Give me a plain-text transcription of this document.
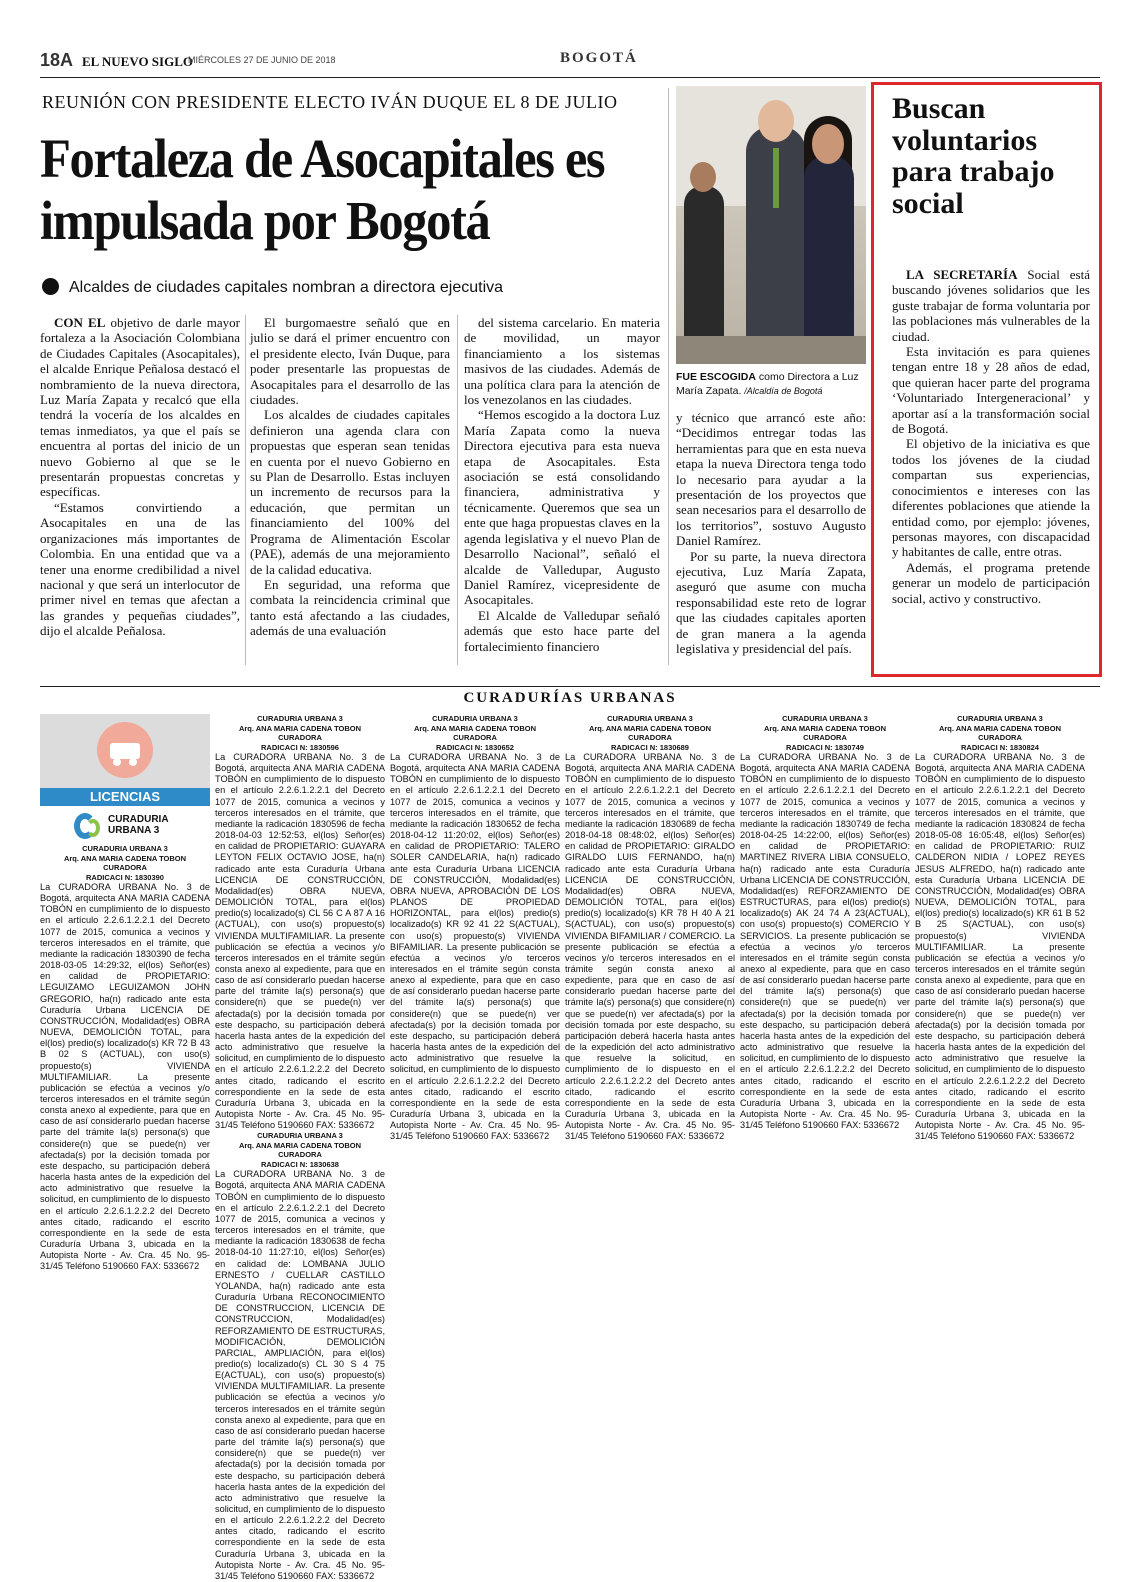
18A EL NUEVO SIGLO
MIÉRCOLES 27 DE JUNIO DE 2018	BOGOTÁ
REUNIÓN CON PRESIDENTE ELECTO IVÁN DUQUE EL 8 DE JULIO
Fortaleza de Asocapitales es impulsada por Bogotá
Alcaldes de ciudades capitales nombran a directora ejecutiva

CON EL objetivo de darle mayor fortaleza a la Asociación Colombiana de Ciudades Capitales (Asocapitales), el alcalde Enrique Peñalosa destacó el nombramiento de la nueva directora, Luz María Zapata y recalcó que ella tendrá la vocería de los alcaldes en temas inmediatos, ya que el país se encuentra al portas del inicio de un nuevo Gobierno al que se le presentarán propuestas concretas y específicas.

“Estamos convirtiendo a Asocapitales en una de las organizaciones más importantes de Colombia. En una entidad que va a tener una enorme credibilidad a nivel nacional y que será un interlocutor de primer nivel en temas que afectan a las grandes y pequeñas ciudades”, dijo el alcalde Peñalosa.

El burgomaestre señaló que en julio se dará el primer encuentro con el presidente electo, Iván Duque, para poder presentarle las propuestas de Asocapitales para el desarrollo de las ciudades.

Los alcaldes de ciudades capitales definieron una agenda clara con propuestas que esperan sean tenidas en cuenta por el nuevo Gobierno en su Plan de Desarrollo. Estas incluyen un incremento de recursos para la educación, que permitan un financiamiento del 100% del Programa de Alimentación Escolar (PAE), además de una mejoramiento de la calidad educativa.

En seguridad, una reforma que combata la reincidencia criminal que tanto está afectando a las ciudades, además de una evaluación

del sistema carcelario. En materia de movilidad, un mayor financiamiento a los sistemas masivos de las ciudades. Además de una política clara para la atención de los venezolanos en las ciudades.

“Hemos escogido a la doctora Luz María Zapata como la nueva Directora ejecutiva para esta nueva etapa de Asocapitales. Esta asociación se está consolidando financiera, administrativa y técnicamente. Queremos que sea un ente que haga propuestas claves en la agenda legislativa y el nuevo Plan de Desarrollo Nacional”, señaló el alcalde de Valledupar, Augusto Daniel Ramírez, vicepresidente de Asocapitales.

El Alcalde de Valledupar señaló además que esto hace parte del fortalecimiento financiero

FUE ESCOGIDA como Directora a Luz María Zapata. /Alcaldía de Bogotá

y técnico que arrancó este año: “Decidimos entregar todas las herramientas para que en esta nueva etapa la nueva Directora tenga todo lo necesario para ayudar a la presentación de los proyectos que sean necesarios para el desarrollo de los territorios”, sostuvo Augusto Daniel Ramírez.

Por su parte, la nueva directora ejecutiva, Luz María Zapata, aseguró que asume con mucha responsabilidad este reto de lograr que las ciudades capitales aporten de gran manera a la agenda legislativa y presidencial del país.

Buscan voluntarios para trabajo social

LA SECRETARÍA Social está buscando jóvenes solidarios que les guste trabajar de forma voluntaria por las poblaciones más vulnerables de la ciudad.

Esta invitación es para quienes tengan entre 18 y 28 años de edad, que quieran hacer parte del programa ‘Voluntariado Intergeneracional’ y aportar así a la transformación social de Bogotá.

El objetivo de la iniciativa es que todos los jóvenes de la ciudad compartan sus experiencias, conocimientos e intereses con las diferentes poblaciones que atiende la entidad como, por ejemplo: jóvenes, personas mayores, con discapacidad y habitantes de calle, entre otras.

Además, el programa pretende generar un modelo de participación social, activo y constructivo.

CURADURÍAS URBANAS
LICENCIAS
CURADURIA URBANA 3
CURADURIA URBANA 3
Arq. ANA MARIA CADENA TOBON
CURADORA
RADICACI N: 1830390

La CURADORA URBANA No. 3 de Bogotá, arquitecta ANA MARIA CADENA TOBÓN en cumplimiento de lo dispuesto en el artículo 2.2.6.1.2.2.1 del Decreto 1077 de 2015, comunica a vecinos y terceros interesados en el trámite, que mediante la radicación 1830390 de fecha 2018-03-05 14:29:32, el(los) Señor(es) en calidad de PROPIETARIO: LEGUIZAMO LEGUIZAMON JOHN GREGORIO, ha(n) radicado ante esta Curaduría Urbana LICENCIA DE CONSTRUCCIÓN, Modalidad(es) OBRA NUEVA, DEMOLICIÓN TOTAL, para el(los) predio(s) localizado(s) KR 72 B 43 B 02 S (ACTUAL), con uso(s) propuesto(s) VIVIENDA MULTIFAMILIAR. La presente publicación se efectúa a vecinos y/o terceros interesados en el trámite según consta anexo al expediente, para que en caso de así considerarlo puedan hacerse parte del trámite la(s) persona(s) que considere(n) que se puede(n) ver afectada(s) por la decisión tomada por este despacho, su participación deberá hacerla hasta antes de la expedición del acto administrativo que resuelve la solicitud, en cumplimiento de lo dispuesto en el artículo 2.2.6.1.2.2.2 del Decreto antes citado, radicando el escrito correspondiente en la sede de esta Curaduría Urbana 3, ubicada en la Autopista Norte - Av. Cra. 45 No. 95-31/45 Teléfono 5190660 FAX: 5336672

CURADURIA URBANA 3
Arq. ANA MARIA CADENA TOBON
CURADORA
RADICACI N: 1830596

La CURADORA URBANA No. 3 de Bogotá, arquitecta ANA MARIA CADENA TOBÓN en cumplimiento de lo dispuesto en el artículo 2.2.6.1.2.2.1 del Decreto 1077 de 2015, comunica a vecinos y terceros interesados en el trámite, que mediante la radicación 1830596 de fecha 2018-04-03 12:52:53, el(los) Señor(es) en calidad de PROPIETARIO: GUAYARA LEYTON FELIX OCTAVIO JOSE, ha(n) radicado ante esta Curaduría Urbana LICENCIA DE CONSTRUCCIÓN, Modalidad(es) OBRA NUEVA, DEMOLICIÓN TOTAL, para el(los) predio(s) localizado(s) CL 56 C A 87 A 16 (ACTUAL), con uso(s) propuesto(s) VIVIENDA MULTIFAMILIAR. La presente publicación se efectúa a vecinos y/o terceros interesados en el trámite según consta anexo al expediente, para que en caso de así considerarlo puedan hacerse parte del trámite la(s) persona(s) que considere(n) que se puede(n) ver afectada(s) por la decisión tomada por este despacho, su participación deberá hacerla hasta antes de la expedición del acto administrativo que resuelve la solicitud, en cumplimiento de lo dispuesto en el artículo 2.2.6.1.2.2.2 del Decreto antes citado, radicando el escrito correspondiente en la sede de esta Curaduría Urbana 3, ubicada en la Autopista Norte - Av. Cra. 45 No. 95-31/45 Teléfono 5190660 FAX: 5336672

CURADURIA URBANA 3
Arq. ANA MARIA CADENA TOBON
CURADORA
RADICACI N: 1830638

La CURADORA URBANA No. 3 de Bogotá, arquitecta ANA MARIA CADENA TOBÓN en cumplimiento de lo dispuesto en el artículo 2.2.6.1.2.2.1 del Decreto 1077 de 2015, comunica a vecinos y terceros interesados en el trámite, que mediante la radicación 1830638 de fecha 2018-04-10 11:27:10, el(los) Señor(es) en calidad de: LOMBANA JULIO ERNESTO / CUELLAR CASTILLO YOLANDA, ha(n) radicado ante esta Curaduría Urbana RECONOCIMIENTO DE CONSTRUCCION, LICENCIA DE CONSTRUCCION, Modalidad(es) REFORZAMIENTO DE ESTRUCTURAS, MODIFICACIÓN, DEMOLICIÓN PARCIAL, AMPLIACIÓN, para el(los) predio(s) localizado(s) CL 30 S 4 75 E(ACTUAL), con uso(s) propuesto(s) VIVIENDA MULTIFAMILIAR. La presente publicación se efectúa a vecinos y/o terceros interesados en el trámite según consta anexo al expediente, para que en caso de así considerarlo puedan hacerse parte del trámite la(s) persona(s) que considere(n) que se puede(n) ver afectada(s) por la decisión tomada por este despacho, su participación deberá hacerla hasta antes de la expedición del acto administrativo que resuelve la solicitud, en cumplimiento de lo dispuesto en el artículo 2.2.6.1.2.2.2 del Decreto antes citado, radicando el escrito correspondiente en la sede de esta Curaduría Urbana 3, ubicada en la Autopista Norte - Av. Cra. 45 No. 95-31/45 Teléfono 5190660 FAX: 5336672

CURADURIA URBANA 3
Arq. ANA MARIA CADENA TOBON
CURADORA
RADICACI N: 1830652

La CURADORA URBANA No. 3 de Bogotá, arquitecta ANA MARIA CADENA TOBÓN en cumplimiento de lo dispuesto en el artículo 2.2.6.1.2.2.1 del Decreto 1077 de 2015, comunica a vecinos y terceros interesados en el trámite, que mediante la radicación 1830652 de fecha 2018-04-12 11:20:02, el(los) Señor(es) en calidad de PROPIETARIO: TALERO SOLER CANDELARIA, ha(n) radicado ante esta Curaduría Urbana LICENCIA DE CONSTRUCCIÓN, Modalidad(es) OBRA NUEVA, APROBACIÓN DE LOS PLANOS DE PROPIEDAD HORIZONTAL, para el(los) predio(s) localizado(s) KR 92 41 22 S(ACTUAL), con uso(s) propuesto(s) VIVIENDA BIFAMILIAR. La presente publicación se efectúa a vecinos y/o terceros interesados en el trámite según consta anexo al expediente, para que en caso de así considerarlo puedan hacerse parte del trámite la(s) persona(s) que considere(n) que se puede(n) ver afectada(s) por la decisión tomada por este despacho, su participación deberá hacerla hasta antes de la expedición del acto administrativo que resuelve la solicitud, en cumplimiento de lo dispuesto en el artículo 2.2.6.1.2.2.2 del Decreto antes citado, radicando el escrito correspondiente en la sede de esta Curaduría Urbana 3, ubicada en la Autopista Norte - Av. Cra. 45 No. 95-31/45 Teléfono 5190660 FAX: 5336672

CURADURIA URBANA 3
Arq. ANA MARIA CADENA TOBON
CURADORA
RADICACI N: 1830689

La CURADORA URBANA No. 3 de Bogotá, arquitecta ANA MARIA CADENA TOBÓN en cumplimiento de lo dispuesto en el artículo 2.2.6.1.2.2.1 del Decreto 1077 de 2015, comunica a vecinos y terceros interesados en el trámite, que mediante la radicación 1830689 de fecha 2018-04-18 08:48:02, el(los) Señor(es) en calidad de PROPIETARIO: GIRALDO GIRALDO LUIS FERNANDO, ha(n) radicado ante esta Curaduría Urbana LICENCIA DE CONSTRUCCIÓN, Modalidad(es) OBRA NUEVA, DEMOLICIÓN TOTAL, para el(los) predio(s) localizado(s) KR 78 H 40 A 21 S(ACTUAL), con uso(s) propuesto(s) VIVIENDA BIFAMILIAR / COMERCIO. La presente publicación se efectúa a vecinos y/o terceros interesados en el trámite según consta anexo al expediente, para que en caso de así considerarlo puedan hacerse parte del trámite la(s) persona(s) que considere(n) que se puede(n) ver afectada(s) por la decisión tomada por este despacho, su participación deberá hacerla hasta antes de la expedición del acto administrativo que resuelve la solicitud, en cumplimiento de lo dispuesto en el artículo 2.2.6.1.2.2.2 del Decreto antes citado, radicando el escrito correspondiente en la sede de esta Curaduría Urbana 3, ubicada en la Autopista Norte - Av. Cra. 45 No. 95-31/45 Teléfono 5190660 FAX: 5336672

CURADURIA URBANA 3
Arq. ANA MARIA CADENA TOBON
CURADORA
RADICACI N: 1830749

La CURADORA URBANA No. 3 de Bogotá, arquitecta ANA MARIA CADENA TOBÓN en cumplimiento de lo dispuesto en el artículo 2.2.6.1.2.2.1 del Decreto 1077 de 2015, comunica a vecinos y terceros interesados en el trámite, que mediante la radicación 1830749 de fecha 2018-04-25 14:22:00, el(los) Señor(es) en calidad de PROPIETARIO: MARTINEZ RIVERA LIBIA CONSUELO, ha(n) radicado ante esta Curaduría Urbana LICENCIA DE CONSTRUCCIÓN, Modalidad(es) REFORZAMIENTO DE ESTRUCTURAS, para el(los) predio(s) localizado(s) AK 24 74 A 23(ACTUAL), con uso(s) propuesto(s) COMERCIO Y SERVICIOS. La presente publicación se efectúa a vecinos y/o terceros interesados en el trámite según consta anexo al expediente, para que en caso de así considerarlo puedan hacerse parte del trámite la(s) persona(s) que considere(n) que se puede(n) ver afectada(s) por la decisión tomada por este despacho, su participación deberá hacerla hasta antes de la expedición del acto administrativo que resuelve la solicitud, en cumplimiento de lo dispuesto en el artículo 2.2.6.1.2.2.2 del Decreto antes citado, radicando el escrito correspondiente en la sede de esta Curaduría Urbana 3, ubicada en la Autopista Norte - Av. Cra. 45 No. 95-31/45 Teléfono 5190660 FAX: 5336672

CURADURIA URBANA 3
Arq. ANA MARIA CADENA TOBON
CURADORA
RADICACI N: 1830824

La CURADORA URBANA No. 3 de Bogotá, arquitecta ANA MARIA CADENA TOBÓN en cumplimiento de lo dispuesto en el artículo 2.2.6.1.2.2.1 del Decreto 1077 de 2015, comunica a vecinos y terceros interesados en el trámite, que mediante la radicación 1830824 de fecha 2018-05-08 16:05:48, el(los) Señor(es) en calidad de PROPIETARIO: RUIZ CALDERON NIDIA / LOPEZ REYES JESUS ALFREDO, ha(n) radicado ante esta Curaduría Urbana LICENCIA DE CONSTRUCCIÓN, Modalidad(es) OBRA NUEVA, DEMOLICIÓN TOTAL, para el(los) predio(s) localizado(s) KR 61 B 52 B 25 S(ACTUAL), con uso(s) propuesto(s) VIVIENDA MULTIFAMILIAR. La presente publicación se efectúa a vecinos y/o terceros interesados en el trámite según consta anexo al expediente, para que en caso de así considerarlo puedan hacerse parte del trámite la(s) persona(s) que considere(n) que se puede(n) ver afectada(s) por la decisión tomada por este despacho, su participación deberá hacerla hasta antes de la expedición del acto administrativo que resuelve la solicitud, en cumplimiento de lo dispuesto en el artículo 2.2.6.1.2.2.2 del Decreto antes citado, radicando el escrito correspondiente en la sede de esta Curaduría Urbana 3, ubicada en la Autopista Norte - Av. Cra. 45 No. 95-31/45 Teléfono 5190660 FAX: 5336672
